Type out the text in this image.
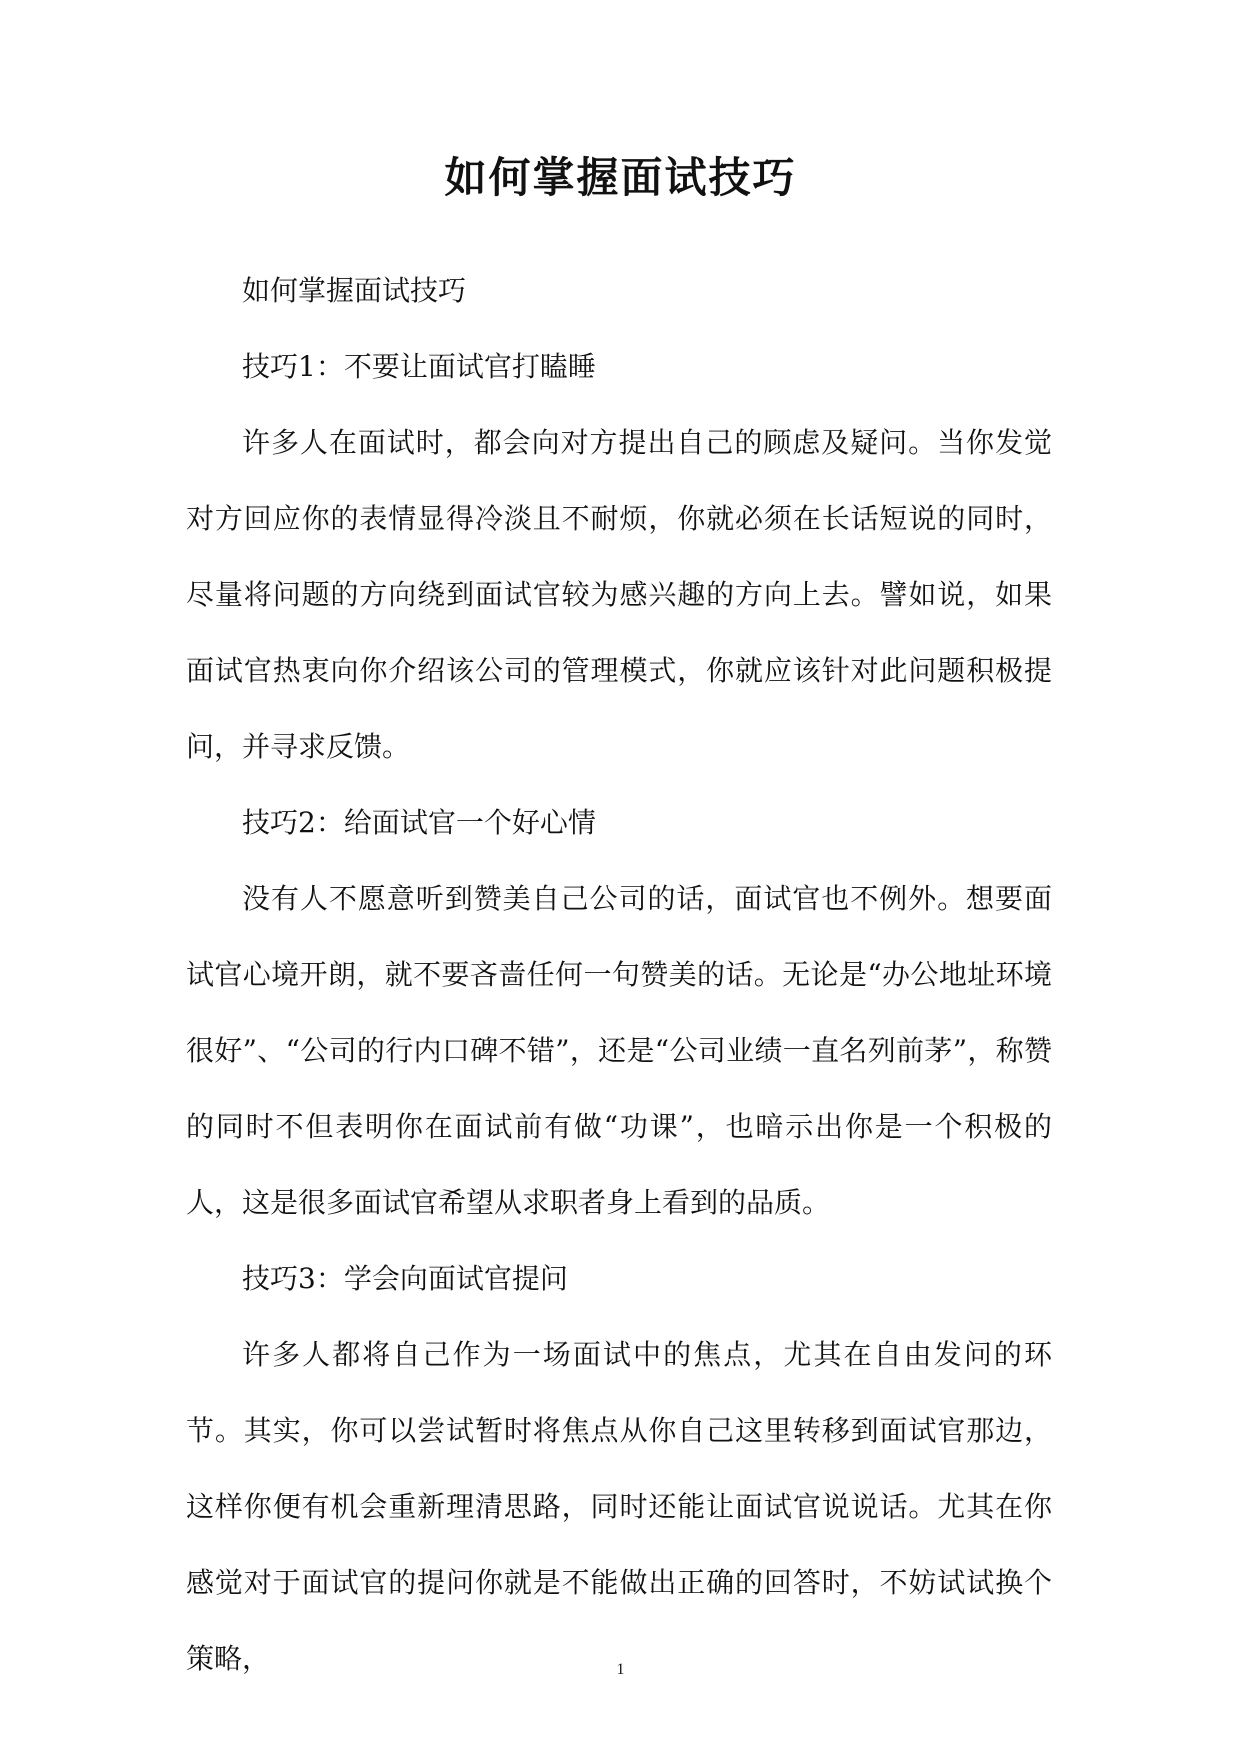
如何掌握面试技巧

如何掌握面试技巧

技巧1：不要让面试官打瞌睡

许多人在面试时，都会向对方提出自己的顾虑及疑问。当你发觉对方回应你的表情显得冷淡且不耐烦，你就必须在长话短说的同时，尽量将问题的方向绕到面试官较为感兴趣的方向上去。譬如说，如果面试官热衷向你介绍该公司的管理模式，你就应该针对此问题积极提问，并寻求反馈。

技巧2：给面试官一个好心情

没有人不愿意听到赞美自己公司的话，面试官也不例外。想要面试官心境开朗，就不要吝啬任何一句赞美的话。无论是“办公地址环境很好”、“公司的行内口碑不错”，还是“公司业绩一直名列前茅”，称赞的同时不但表明你在面试前有做“功课”，也暗示出你是一个积极的人，这是很多面试官希望从求职者身上看到的品质。

技巧3：学会向面试官提问

许多人都将自己作为一场面试中的焦点，尤其在自由发问的环节。其实，你可以尝试暂时将焦点从你自己这里转移到面试官那边，这样你便有机会重新理清思路，同时还能让面试官说说话。尤其在你感觉对于面试官的提问你就是不能做出正确的回答时，不妨试试换个策略，	1
